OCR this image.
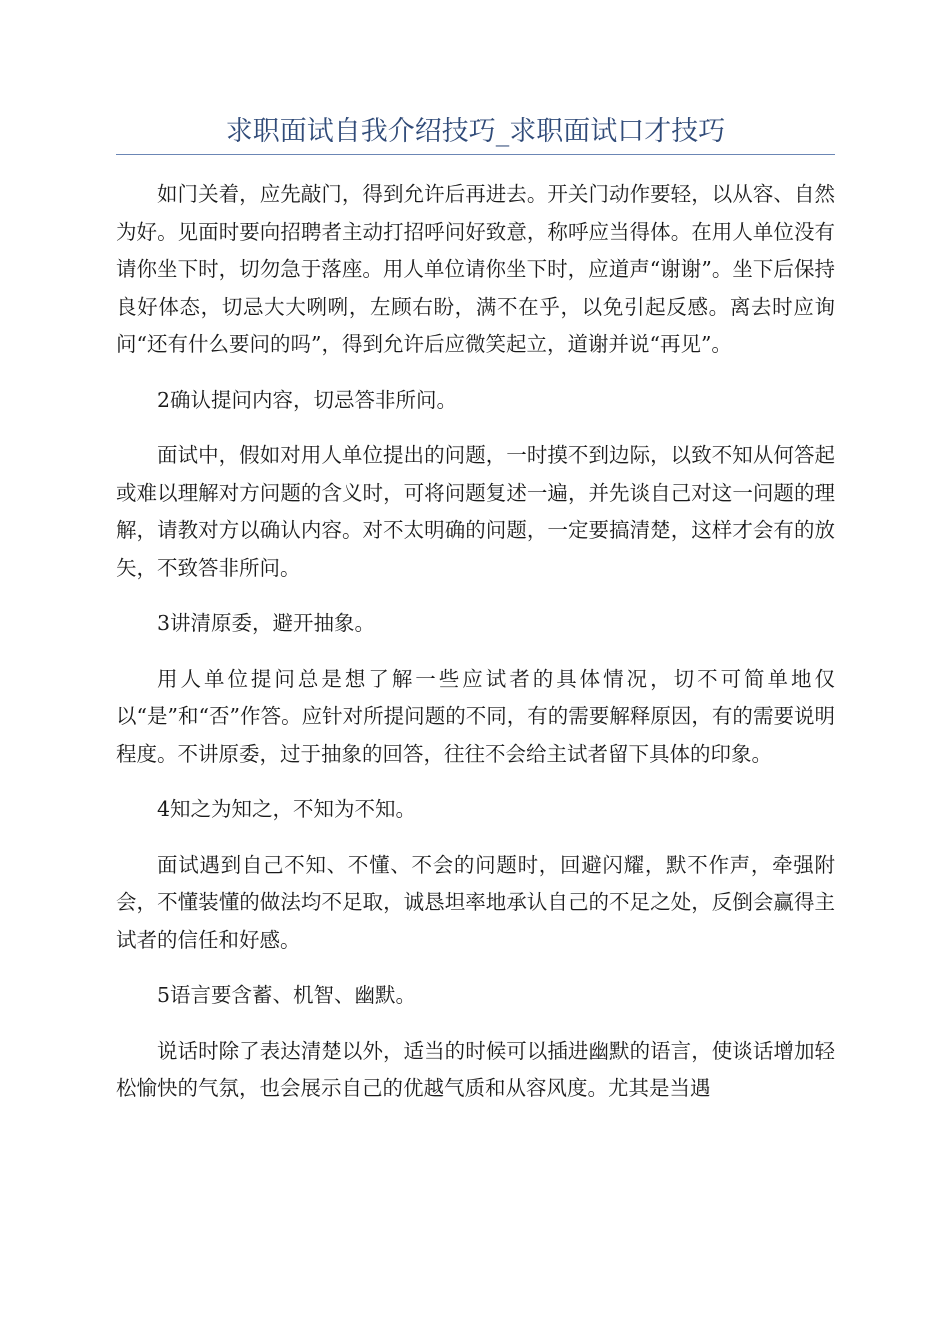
求职面试自我介绍技巧_求职面试口才技巧

如门关着，应先敲门，得到允许后再进去。开关门动作要轻，以从容、自然为好。见面时要向招聘者主动打招呼问好致意，称呼应当得体。在用人单位没有请你坐下时，切勿急于落座。用人单位请你坐下时，应道声“谢谢”。坐下后保持良好体态，切忌大大咧咧，左顾右盼，满不在乎，以免引起反感。离去时应询问“还有什么要问的吗”，得到允许后应微笑起立，道谢并说“再见”。

2确认提问内容，切忌答非所问。

面试中，假如对用人单位提出的问题，一时摸不到边际，以致不知从何答起或难以理解对方问题的含义时，可将问题复述一遍，并先谈自己对这一问题的理解，请教对方以确认内容。对不太明确的问题，一定要搞清楚，这样才会有的放矢，不致答非所问。

3讲清原委，避开抽象。

用人单位提问总是想了解一些应试者的具体情况，切不可简单地仅以“是”和“否”作答。应针对所提问题的不同，有的需要解释原因，有的需要说明程度。不讲原委，过于抽象的回答，往往不会给主试者留下具体的印象。

4知之为知之，不知为不知。

面试遇到自己不知、不懂、不会的问题时，回避闪耀，默不作声，牵强附会，不懂装懂的做法均不足取，诚恳坦率地承认自己的不足之处，反倒会赢得主试者的信任和好感。

5语言要含蓄、机智、幽默。

说话时除了表达清楚以外，适当的时候可以插进幽默的语言，使谈话增加轻松愉快的气氛，也会展示自己的优越气质和从容风度。尤其是当遇
